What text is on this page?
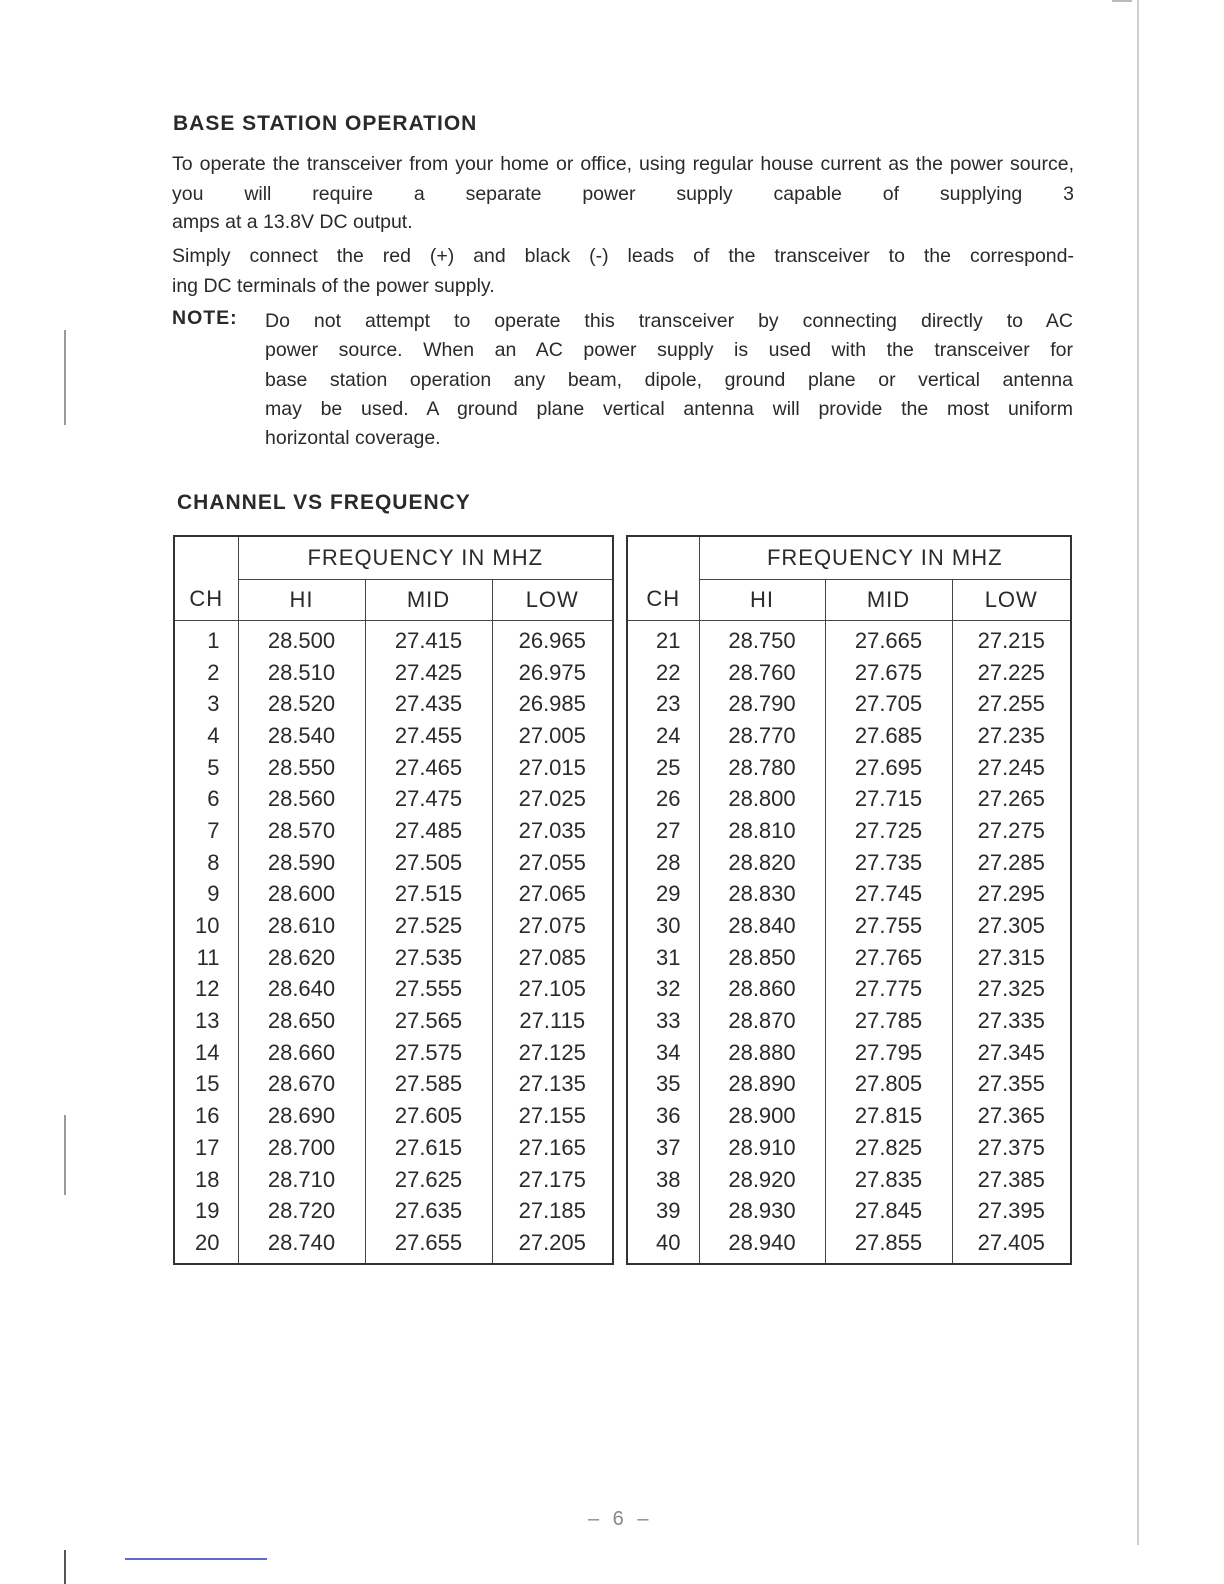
BASE STATION OPERATION
To operate the transceiver from your home or office, using regular house current as the power source, you will require a separate power supply capable of supplying 3
amps at a 13.8V DC output.
Simply connect the red (+) and black (-) leads of the transceiver to the correspond-
ing DC terminals of the power supply.
NOTE: Do not attempt to operate this transceiver by connecting directly to AC
power source. When an AC power supply is used with the transceiver for
base station operation any beam, dipole, ground plane or vertical antenna
may be used. A ground plane vertical antenna will provide the most uniform
horizontal coverage.
CHANNEL VS FREQUENCY
CH	FREQUENCY IN MHZ		
	HI	MID	LOW
1	28.500	27.415	26.965
2	28.510	27.425	26.975
3	28.520	27.435	26.985
4	28.540	27.455	27.005
5	28.550	27.465	27.015
6	28.560	27.475	27.025
7	28.570	27.485	27.035
8	28.590	27.505	27.055
9	28.600	27.515	27.065
10	28.610	27.525	27.075
11	28.620	27.535	27.085
12	28.640	27.555	27.105
13	28.650	27.565	27.115
14	28.660	27.575	27.125
15	28.670	27.585	27.135
16	28.690	27.605	27.155
17	28.700	27.615	27.165
18	28.710	27.625	27.175
19	28.720	27.635	27.185
20	28.740	27.655	27.205
CH	FREQUENCY IN MHZ		
	HI	MID	LOW
21	28.750	27.665	27.215
22	28.760	27.675	27.225
23	28.790	27.705	27.255
24	28.770	27.685	27.235
25	28.780	27.695	27.245
26	28.800	27.715	27.265
27	28.810	27.725	27.275
28	28.820	27.735	27.285
29	28.830	27.745	27.295
30	28.840	27.755	27.305
31	28.850	27.765	27.315
32	28.860	27.775	27.325
33	28.870	27.785	27.335
34	28.880	27.795	27.345
35	28.890	27.805	27.355
36	28.900	27.815	27.365
37	28.910	27.825	27.375
38	28.920	27.835	27.385
39	28.930	27.845	27.395
40	28.940	27.855	27.405
– 6 –
